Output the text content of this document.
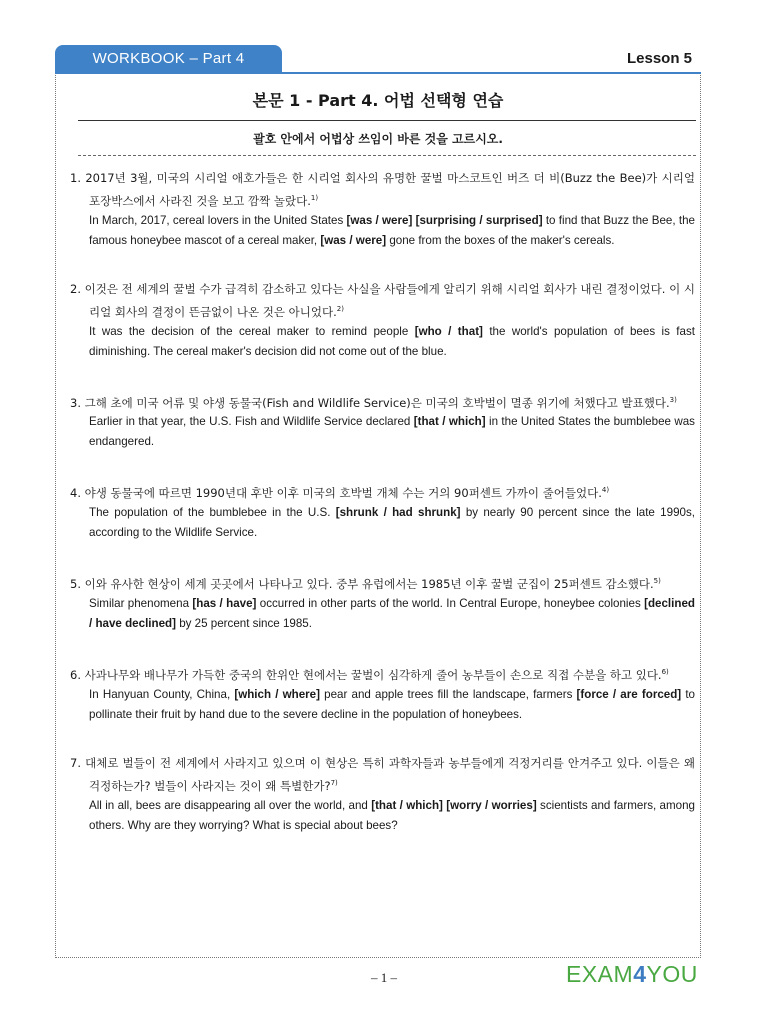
WORKBOOK – Part 4	Lesson 5
본문 1 - Part 4. 어법 선택형 연습
괄호 안에서 어법상 쓰임이 바른 것을 고르시오.
1. 2017년 3월, 미국의 시리얼 애호가들은 한 시리얼 회사의 유명한 꿀벌 마스코트인 버즈 더 비(Buzz the Bee)가 시리얼 포장박스에서 사라진 것을 보고 깜짝 놀랐다.$^{1)}$
In March, 2017, cereal lovers in the United States [was / were] [surprising / surprised] to find that Buzz the Bee, the famous honeybee mascot of a cereal maker, [was / were] gone from the boxes of the maker's cereals.
2. 이것은 전 세계의 꿀벌 수가 급격히 감소하고 있다는 사실을 사람들에게 알리기 위해 시리얼 회사가 내린 결정이었다. 이 시리얼 회사의 결정이 뜬금없이 나온 것은 아니었다.$^{2)}$
It was the decision of the cereal maker to remind people [who / that] the world's population of bees is fast diminishing. The cereal maker's decision did not come out of the blue.
3. 그해 초에 미국 어류 및 야생 동물국(Fish and Wildlife Service)은 미국의 호박벌이 멸종 위기에 처했다고 발표했다.$^{3)}$
Earlier in that year, the U.S. Fish and Wildlife Service declared [that / which] in the United States the bumblebee was endangered.
4. 야생 동물국에 따르면 1990년대 후반 이후 미국의 호박벌 개체 수는 거의 90퍼센트 가까이 줄어들었다.$^{4)}$
The population of the bumblebee in the U.S. [shrunk / had shrunk] by nearly 90 percent since the late 1990s, according to the Wildlife Service.
5. 이와 유사한 현상이 세계 곳곳에서 나타나고 있다. 중부 유럽에서는 1985년 이후 꿀벌 군집이 25퍼센트 감소했다.$^{5)}$
Similar phenomena [has / have] occurred in other parts of the world. In Central Europe, honeybee colonies [declined / have declined] by 25 percent since 1985.
6. 사과나무와 배나무가 가득한 중국의 한위안 현에서는 꿀벌이 심각하게 줄어 농부들이 손으로 직접 수분을 하고 있다.$^{6)}$
In Hanyuan County, China, [which / where] pear and apple trees fill the landscape, farmers [force / are forced] to pollinate their fruit by hand due to the severe decline in the population of honeybees.
7. 대체로 벌들이 전 세계에서 사라지고 있으며 이 현상은 특히 과학자들과 농부들에게 걱정거리를 안겨주고 있다. 이들은 왜 걱정하는가? 벌들이 사라지는 것이 왜 특별한가?$^{7)}$
All in all, bees are disappearing all over the world, and [that / which] [worry / worries] scientists and farmers, among others. Why are they worrying? What is special about bees?
– 1 –	EXAM4YOU
